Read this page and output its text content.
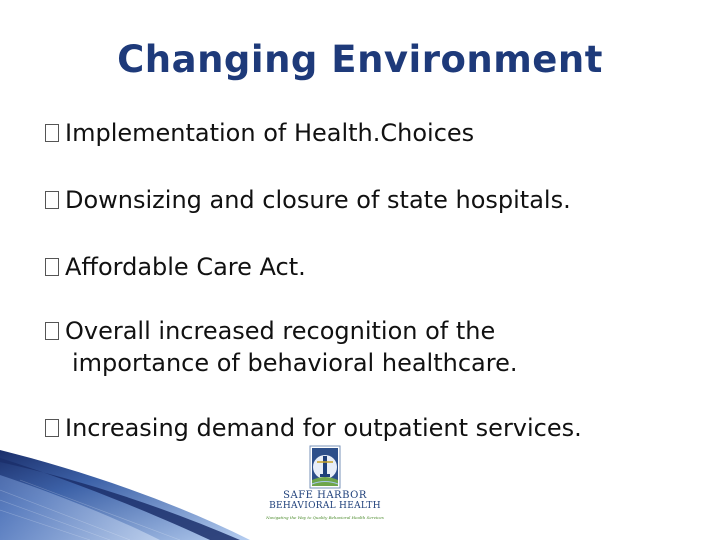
Changing Environment
Implementation of Health.Choices
Downsizing and closure of state hospitals.
Affordable Care Act.
Overall increased recognition of the
importance of behavioral healthcare.
Increasing demand for outpatient services.
SAFE HARBOR
BEHAVIORAL HEALTH
Navigating the Way to Quality Behavioral Health Services
